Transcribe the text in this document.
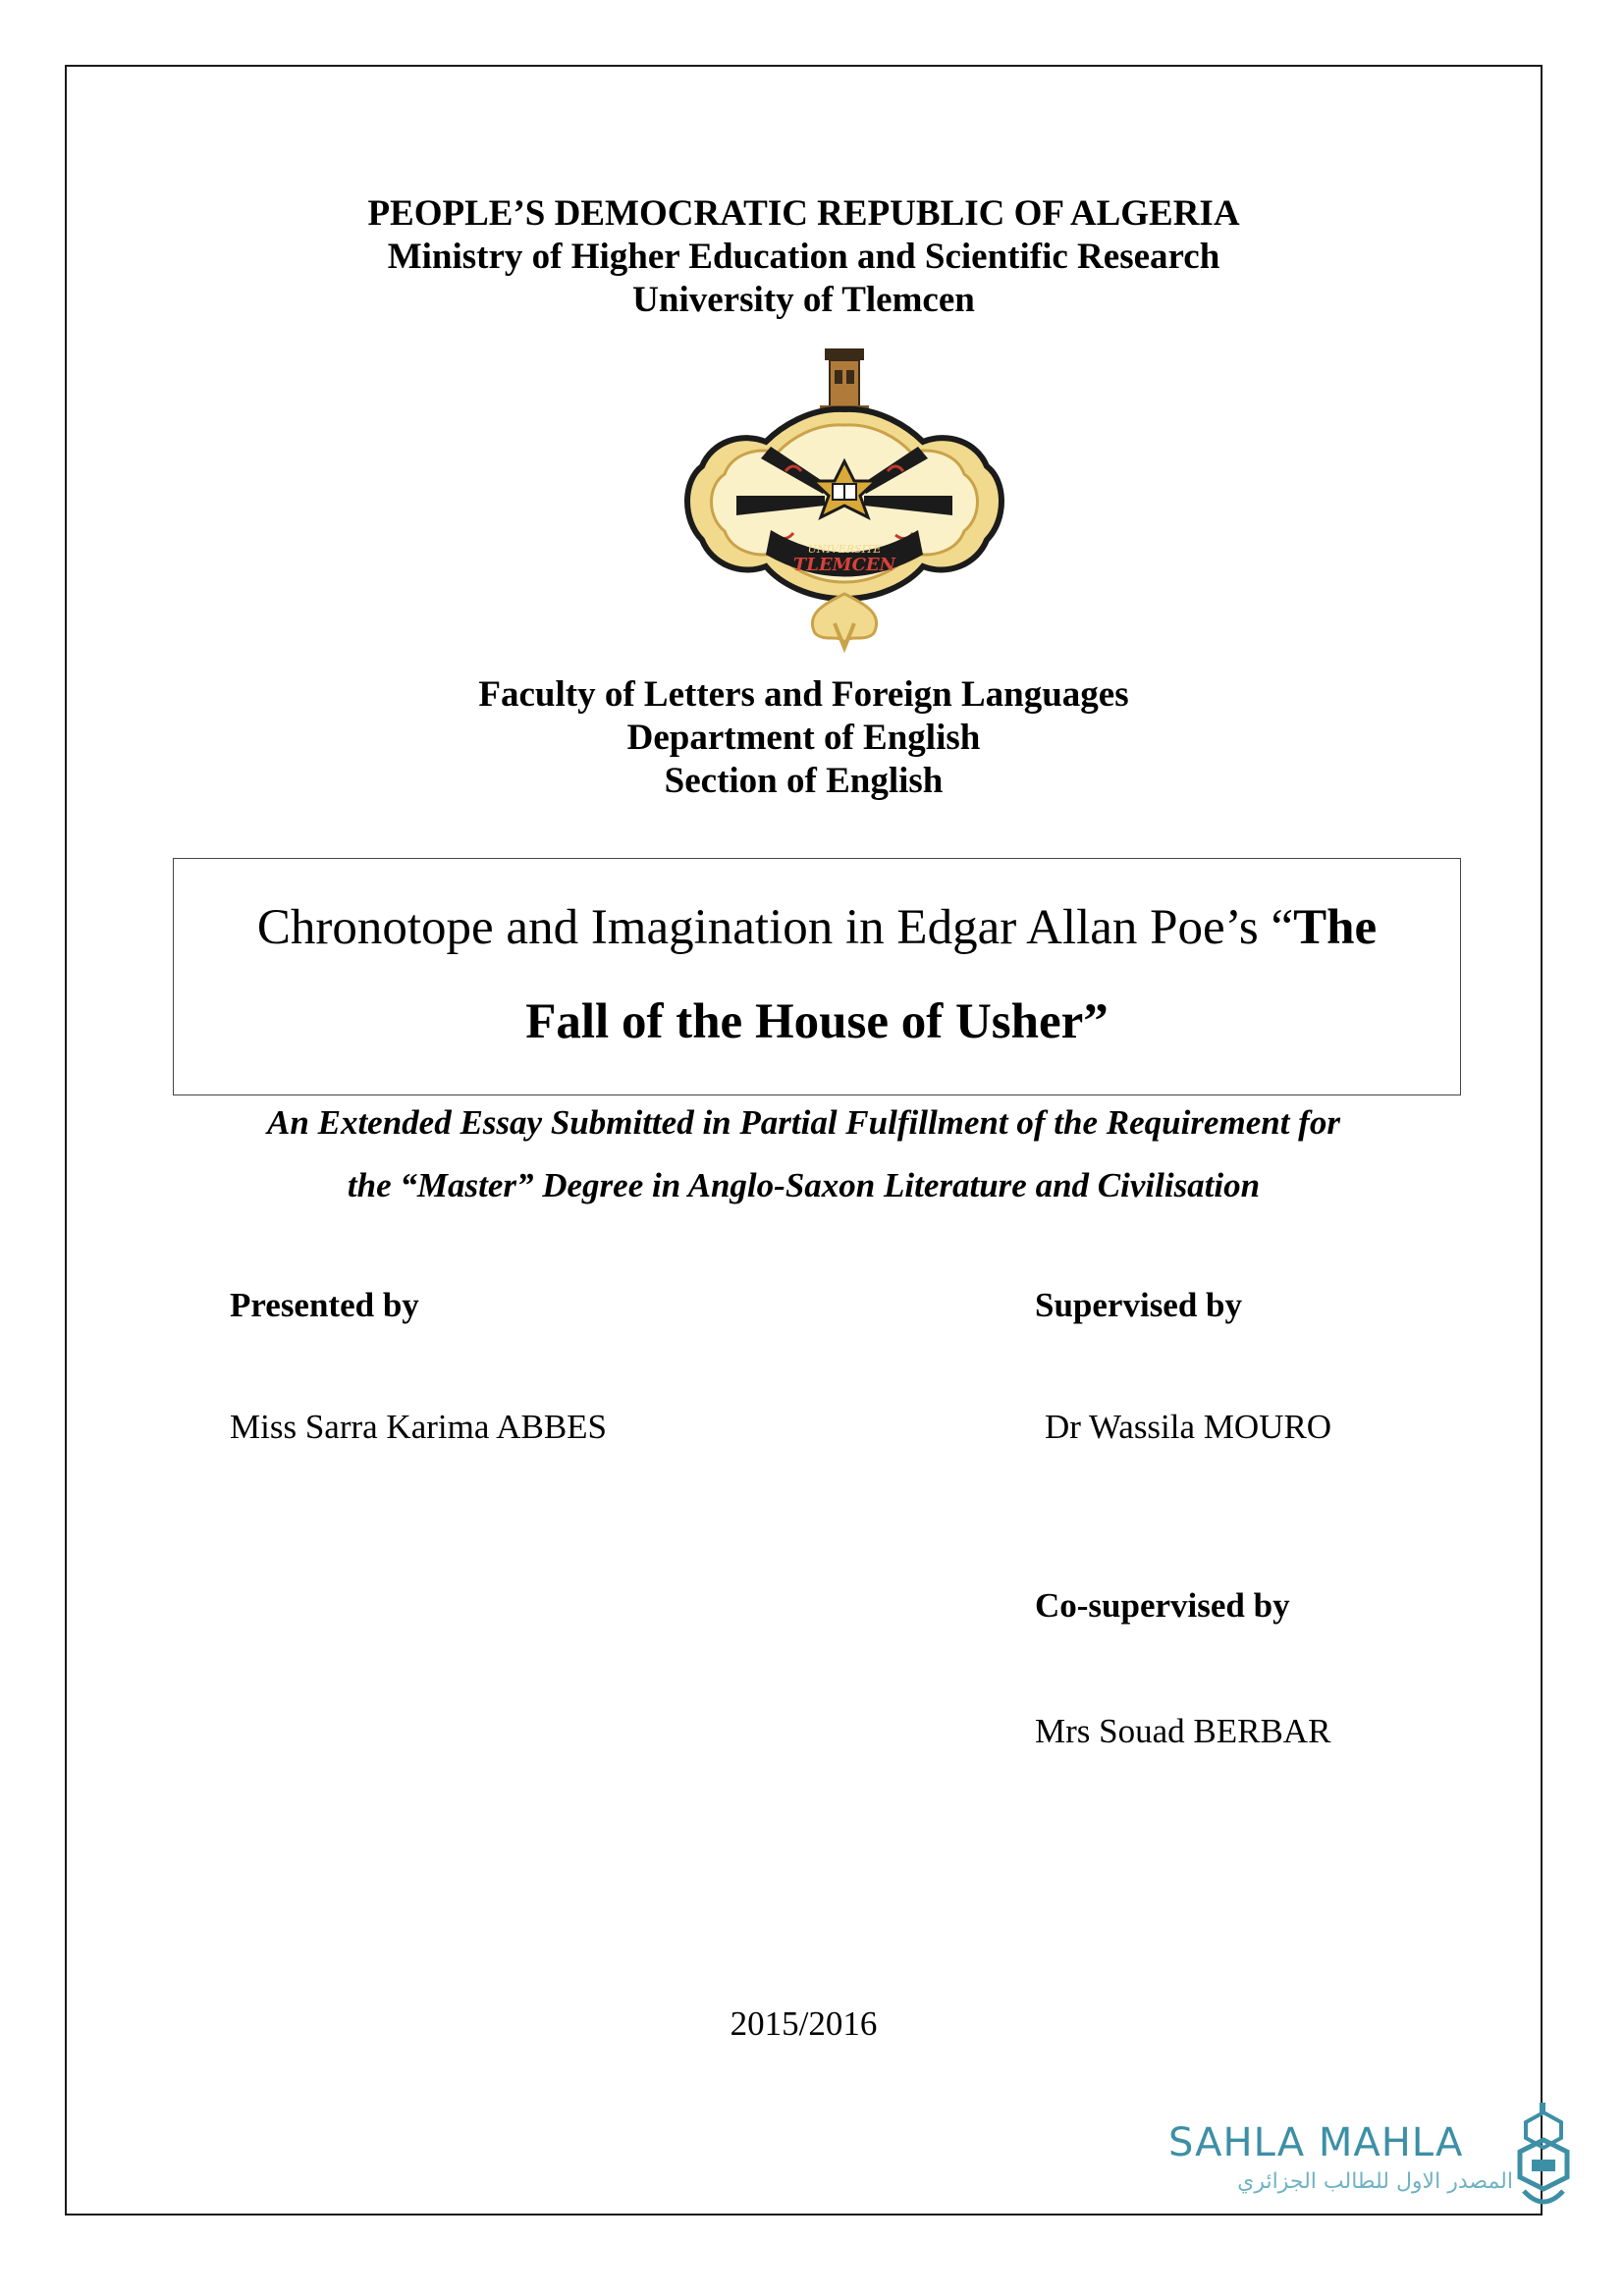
PEOPLE’S DEMOCRATIC REPUBLIC OF ALGERIA
Ministry of Higher Education and Scientific Research
University of Tlemcen
UNIVERSITE
TLEMCEN
Faculty of Letters and Foreign Languages
Department of English
Section of English
Chronotope and Imagination in Edgar Allan Poe’s “The
Fall of the House of Usher”
An Extended Essay Submitted in Partial Fulfillment of the Requirement for
the “Master” Degree in Anglo-Saxon Literature and Civilisation
Presented by	Supervised by
Miss Sarra Karima ABBES	Dr Wassila MOURO
Co-supervised by
Mrs Souad BERBAR
2015/2016
SAHLA MAHLA
المصدر الاول للطالب الجزائري
